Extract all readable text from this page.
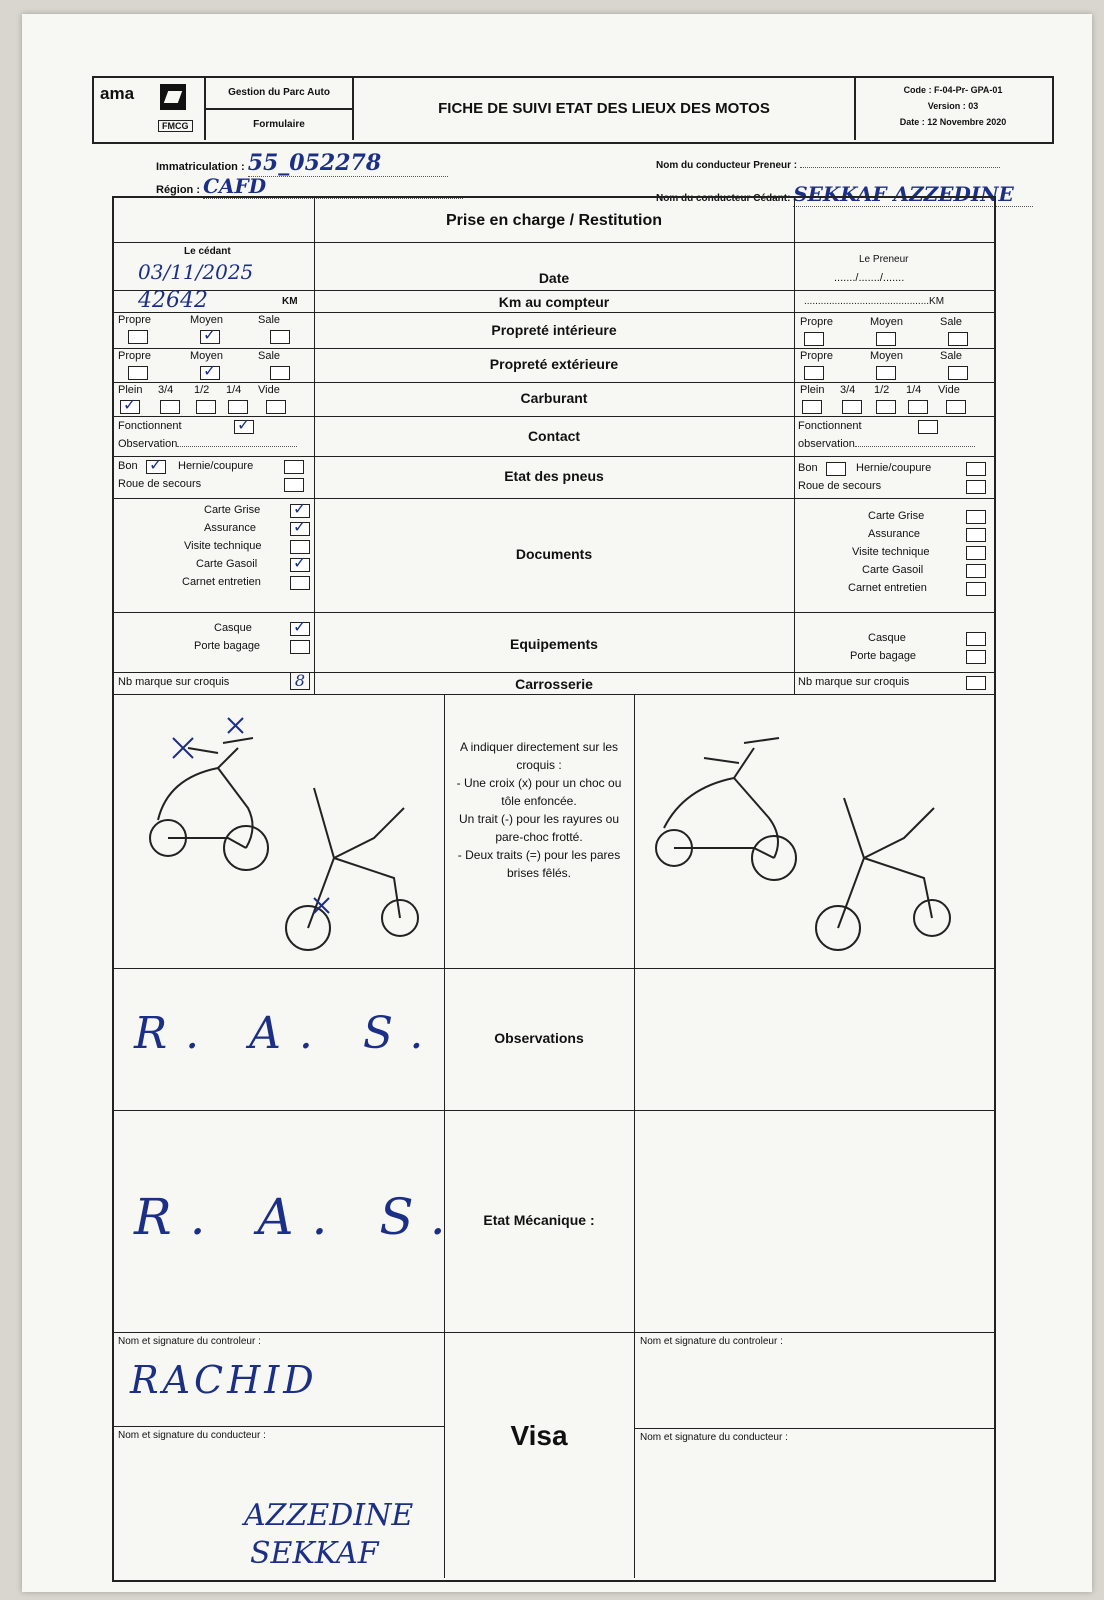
ama
FMCG
Gestion du Parc Auto
Formulaire
FICHE DE SUIVI ETAT DES LIEUX DES MOTOS
Code : F-04-Pr- GPA-01
Version : 03
Date : 12 Novembre 2020
Immatriculation : 55_052278
Région : CAFD
Nom du conducteur Preneur :
Nom du conducteur Cédant: SEKKAF AZZEDINE
Prise en charge / Restitution
Le cédant
Le Preneur
03/11/2025	Date	......./......./.......
42642	KM	Km au compteur	.............................................KM
Propre	Moyen	Sale
✓
Propreté intérieure	Propre	Moyen	Sale
Propre	Moyen	Sale
✓	Propreté extérieure	Propre	Moyen	Sale
Plein 3/4 1/2 1/4 Vide
✓	Carburant	Plein 3/4 1/2 1/4 Vide
Fonctionnent
✓
Observation	Contact
Fonctionnent
observation
Bon
✓	Hernie/coupure
Roue de secours	Etat des pneus	Bon	Hernie/coupure
Roue de secours
Carte Grise
Assurance
Visite technique
Carte Gasoil
Carnet entretien
✓
✓
✓
Documents
Carte Grise
Assurance
Visite technique
Carte Gasoil
Carnet entretien
Casque
Porte bagage
✓	Equipements	Casque
Porte bagage
Nb marque sur croquis	8	Carrosserie	Nb marque sur croquis
A indiquer directement sur les croquis :
- Une croix (x) pour un choc ou tôle enfoncée.
Un trait (-) pour les rayures ou pare-choc frotté.
- Deux traits (=) pour les pares brises fêlés.
R. A. S.	Observations
R. A. S.	Etat Mécanique :
Visa
Nom et signature du controleur :
RACHID
Nom et signature du conducteur :
AZZEDINE
SEKKAF
Nom et signature du controleur :
Nom et signature du conducteur :
